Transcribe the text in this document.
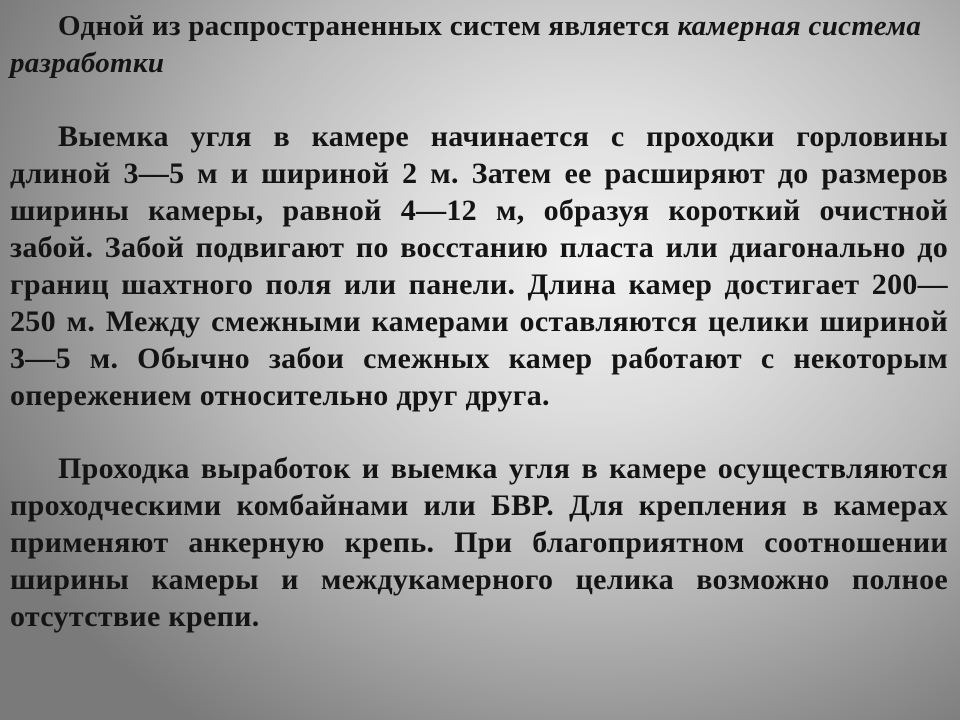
Одной из распространенных систем является камерная система разработки

Выемка угля в камере начинается с проходки горловины длиной 3—5 м и шириной 2 м. Затем ее расширяют до размеров ширины камеры, равной 4—12 м, образуя короткий очистной забой. Забой подвигают по восстанию пласта или диагонально до границ шахтного поля или панели. Длина камер достигает 200—250 м. Между смежными камерами оставляются целики шириной 3—5 м. Обычно забои смежных камер работают с некоторым опережением относительно друг друга.

Проходка выработок и выемка угля в камере осуществляются проходческими комбайнами или БВР. Для крепления в камерах применяют анкерную крепь. При благоприятном соотношении ширины камеры и междукамерного целика возможно полное отсутствие крепи.
